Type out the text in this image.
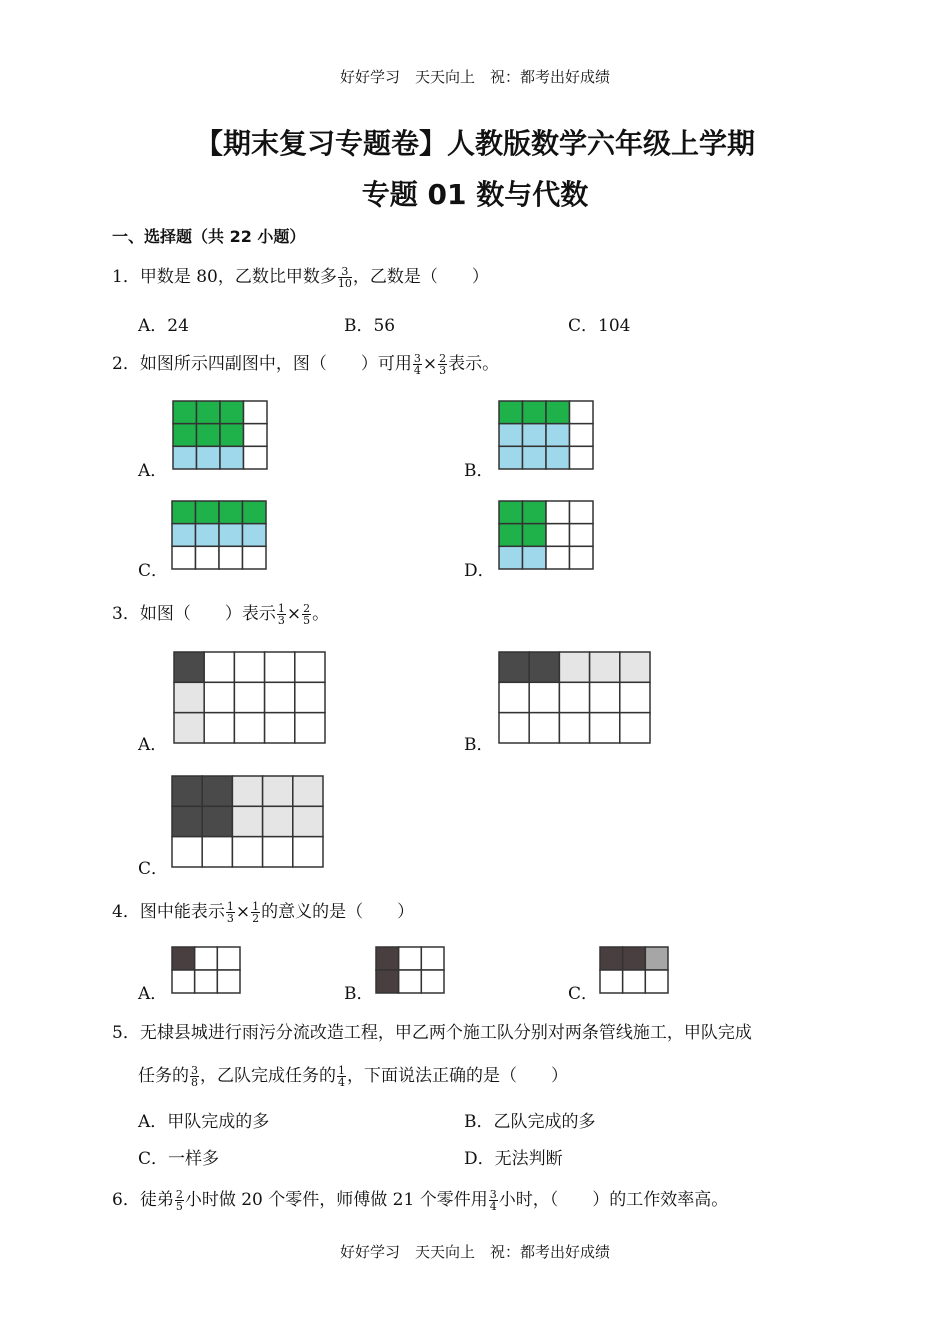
好好学习　天天向上　祝：都考出好成绩
【期末复习专题卷】人教版数学六年级上学期
专题 01 数与代数
一、选择题（共 22 小题）
1．甲数是 80，乙数比甲数多 $\frac{3}{10}$ ，乙数是（　　）
A．24	B．56	C．104
2．如图所示四副图中，图（　　）可用 $\frac{3}{4} \times \frac{2}{3}$ 表示。
A．	B．
C．	D．
3．如图（　　）表示 $\frac{1}{3} \times \frac{2}{5}$ 。
A．	B．
C．
4．图中能表示 $\frac{1}{3} \times \frac{1}{2}$ 的意义的是（　　）
A．	B．	C．
5．无棣县城进行雨污分流改造工程，甲乙两个施工队分别对两条管线施工，甲队完成
任务的 $\frac{3}{8}$ ，乙队完成任务的 $\frac{1}{4}$ ，下面说法正确的是（　　）
A．甲队完成的多	B．乙队完成的多
C．一样多	D．无法判断
6．徒弟 $\frac{2}{5}$ 小时做 20 个零件，师傅做 21 个零件用 $\frac{3}{4}$ 小时，（　　）的工作效率高。
好好学习　天天向上　祝：都考出好成绩
